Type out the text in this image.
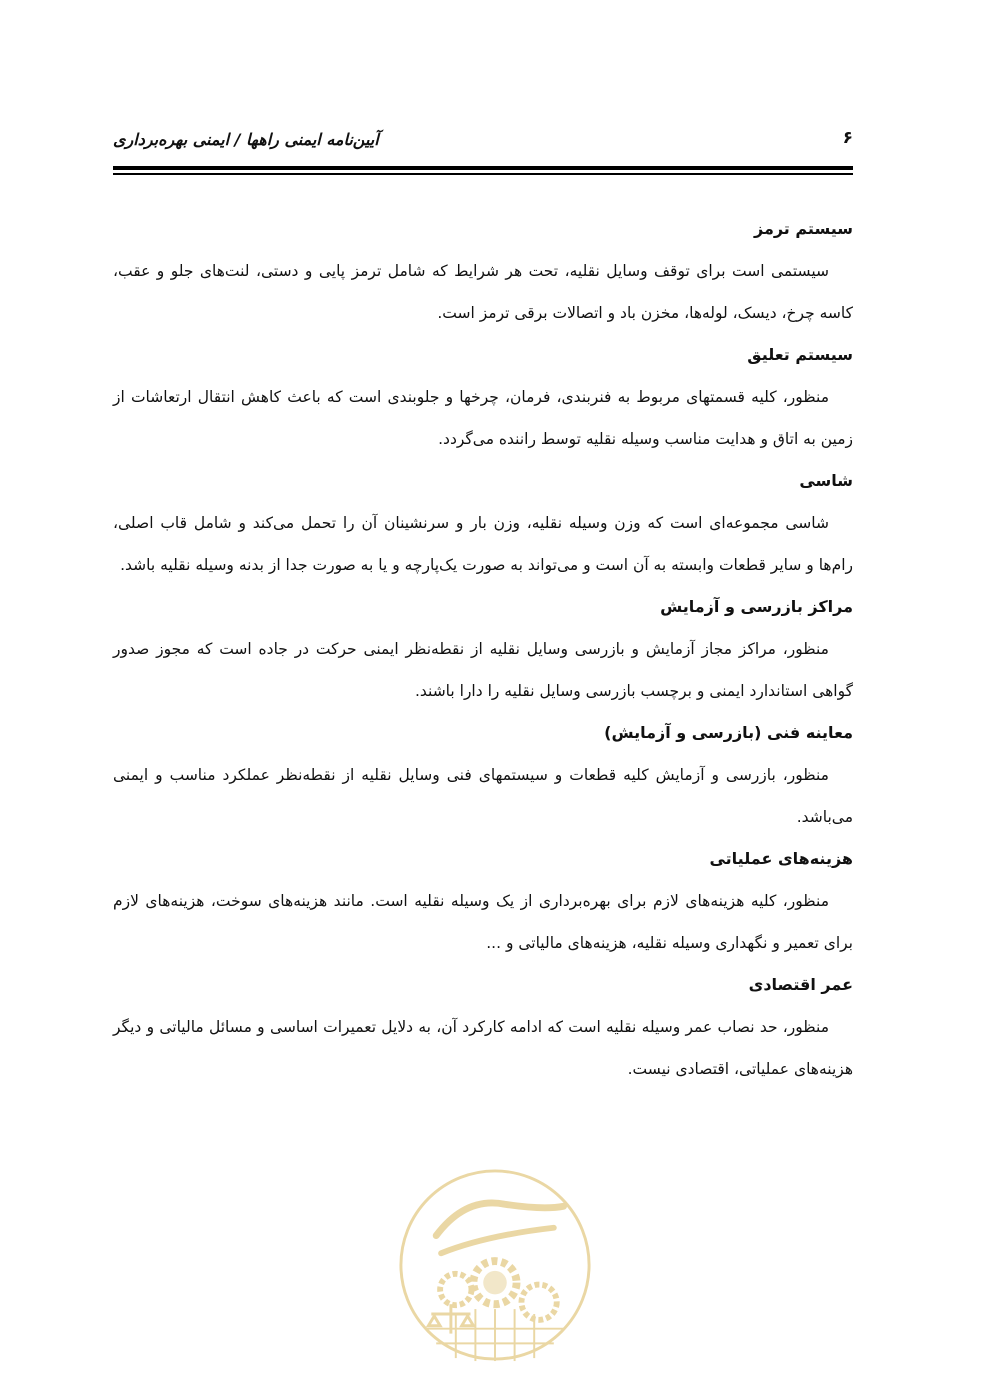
۶
آیین‌نامه ایمنی راهها / ایمنی بهره‌برداری

سیستم ترمز

سیستمی است برای توقف وسایل نقلیه، تحت هر شرایط که شامل ترمز پایی و دستی، لنت‌های جلو و عقب، کاسه چرخ، دیسک، لوله‌ها، مخزن باد و اتصالات برقی ترمز است.

سیستم تعلیق

منظور، کلیه قسمتهای مربوط به فنربندی، فرمان، چرخها و جلوبندی است که باعث کاهش انتقال ارتعاشات از زمین به اتاق و هدایت مناسب وسیله نقلیه توسط راننده می‌گردد.

شاسی

شاسی مجموعه‌ای است که وزن وسیله نقلیه، وزن بار و سرنشینان آن را تحمل می‌کند و شامل قاب اصلی، رام‌ها و سایر قطعات وابسته به آن است و می‌تواند به صورت یک‌پارچه و یا به صورت جدا از بدنه وسیله نقلیه باشد.

مراکز بازرسی و آزمایش

منظور، مراکز مجاز آزمایش و بازرسی وسایل نقلیه از نقطه‌نظر ایمنی حرکت در جاده است که مجوز صدور گواهی استاندارد ایمنی و برچسب بازرسی وسایل نقلیه را دارا باشند.

معاینه فنی (بازرسی و آزمایش)

منظور، بازرسی و آزمایش کلیه قطعات و سیستمهای فنی وسایل نقلیه از نقطه‌نظر عملکرد مناسب و ایمنی می‌باشد.

هزینه‌های عملیاتی

منظور، کلیه هزینه‌های لازم برای بهره‌برداری از یک وسیله نقلیه است. مانند هزینه‌های سوخت، هزینه‌های لازم برای تعمیر و نگهداری وسیله نقلیه، هزینه‌های مالیاتی و ...

عمر اقتصادی

منظور، حد نصاب عمر وسیله نقلیه است که ادامه کارکرد آن، به دلایل تعمیرات اساسی و مسائل مالیاتی و دیگر هزینه‌های عملیاتی، اقتصادی نیست.
